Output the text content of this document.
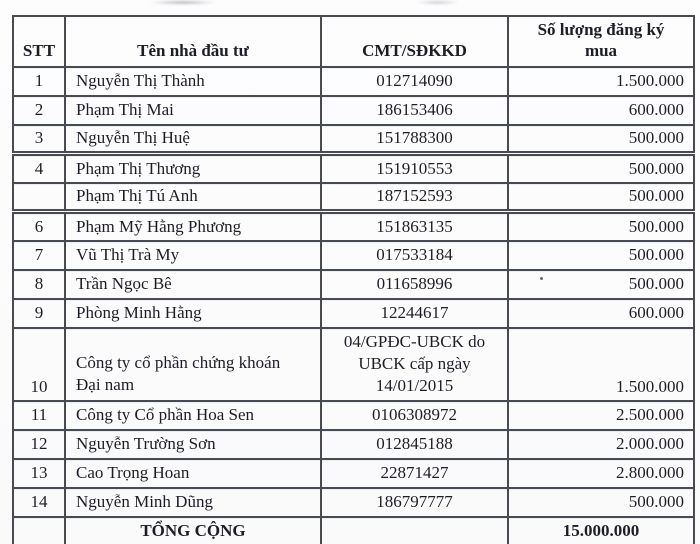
STT	Tên nhà đầu tư	CMT/SĐKKD	Số lượng đăng ký mua
1	Nguyễn Thị Thành	012714090	1.500.000
2	Phạm Thị Mai	186153406	600.000
3	Nguyễn Thị Huệ	151788300	500.000
4	Phạm Thị Thương	151910553	500.000
	Phạm Thị Tú Anh	187152593	500.000
6	Phạm Mỹ Hằng Phương	151863135	500.000
7	Vũ Thị Trà My	017533184	500.000
8	Trần Ngọc Bê	011658996	500.000
9	Phòng Minh Hằng	12244617	600.000
10	Công ty cổ phần chứng khoán Đại nam	04/GPĐC-UBCK do UBCK cấp ngày 14/01/2015	1.500.000
11	Công ty Cổ phần Hoa Sen	0106308972	2.500.000
12	Nguyễn Trường Sơn	012845188	2.000.000
13	Cao Trọng Hoan	22871427	2.800.000
14	Nguyễn Minh Dũng	186797777	500.000
	TỔNG CỘNG		15.000.000
